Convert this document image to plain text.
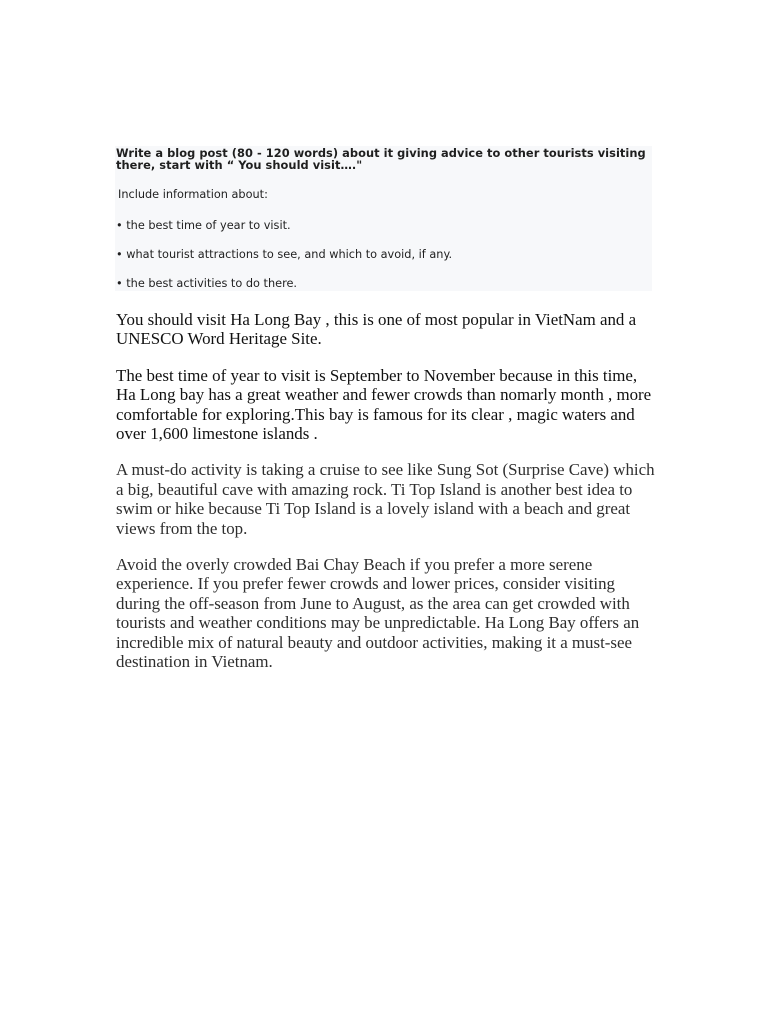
Write a blog post (80 - 120 words) about it giving advice to other tourists visiting there, start with “ You should visit…."

Include information about:

• the best time of year to visit.

• what tourist attractions to see, and which to avoid, if any.

• the best activities to do there.

You should visit Ha Long Bay , this is one of most popular in VietNam and a UNESCO Word Heritage Site.

The best time of year to visit is September to November because in this time, Ha Long bay has a great weather and fewer crowds than nomarly month , more comfortable for exploring.This bay is famous for its clear , magic waters and over 1,600 limestone islands .

A must-do activity is taking a cruise to see like Sung Sot (Surprise Cave) which a big, beautiful cave with amazing rock. Ti Top Island is another best idea to swim or hike because Ti Top Island is a lovely island with a beach and great views from the top.

Avoid the overly crowded Bai Chay Beach if you prefer a more serene experience. If you prefer fewer crowds and lower prices, consider visiting during the off-season from June to August, as the area can get crowded with tourists and weather conditions may be unpredictable. Ha Long Bay offers an incredible mix of natural beauty and outdoor activities, making it a must-see destination in Vietnam.
